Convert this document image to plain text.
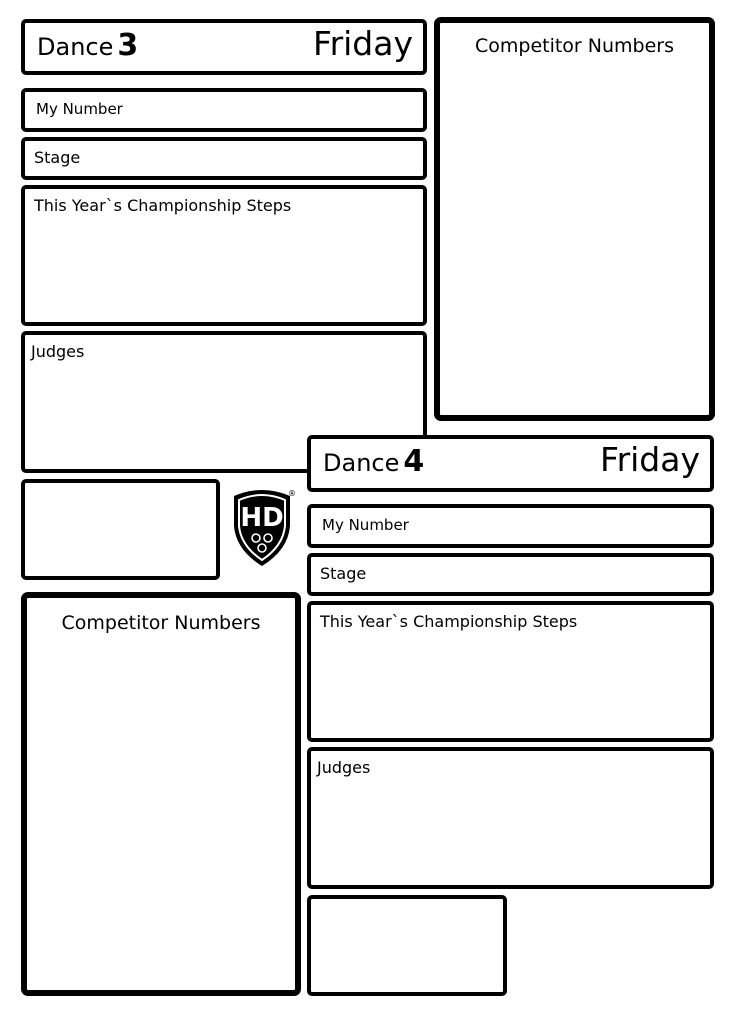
Dance 3	Friday	Competitor Numbers
My Number
Stage
This Year`s Championship Steps
Judges
HD
®
Competitor Numbers
Dance 4	Friday
My Number
Stage
This Year`s Championship Steps
Judges
